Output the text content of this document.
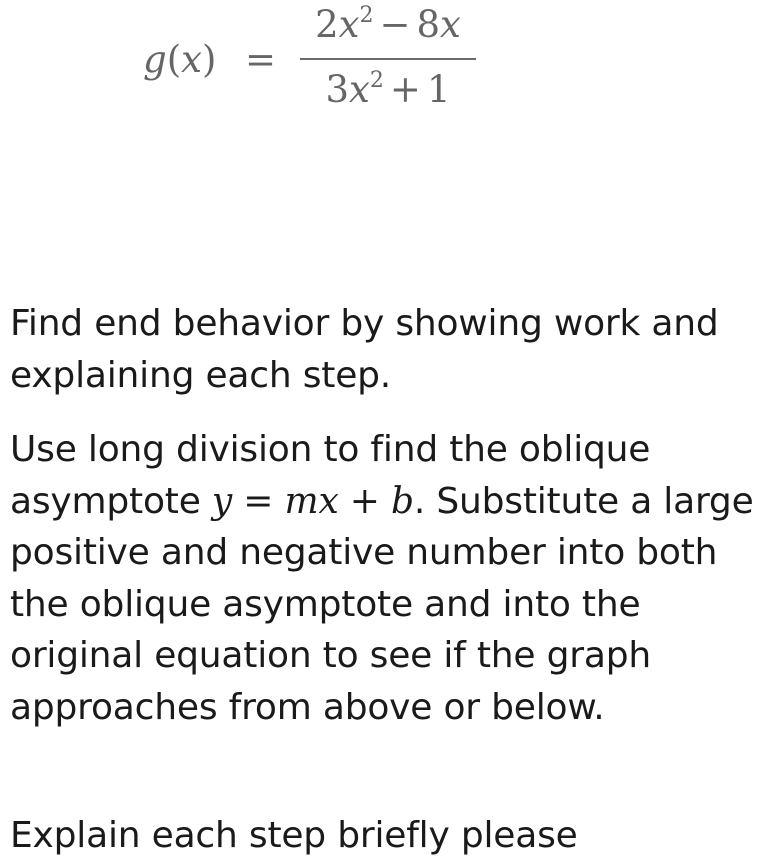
g(x) =
$2x^2 - 8x$
$3x^2 + 1$
Find end behavior by showing work and explaining each step.
Use long division to find the oblique asymptote y = mx + b. Substitute a large positive and negative number into both the oblique asymptote and into the original equation to see if the graph approaches from above or below.
Explain each step briefly please
